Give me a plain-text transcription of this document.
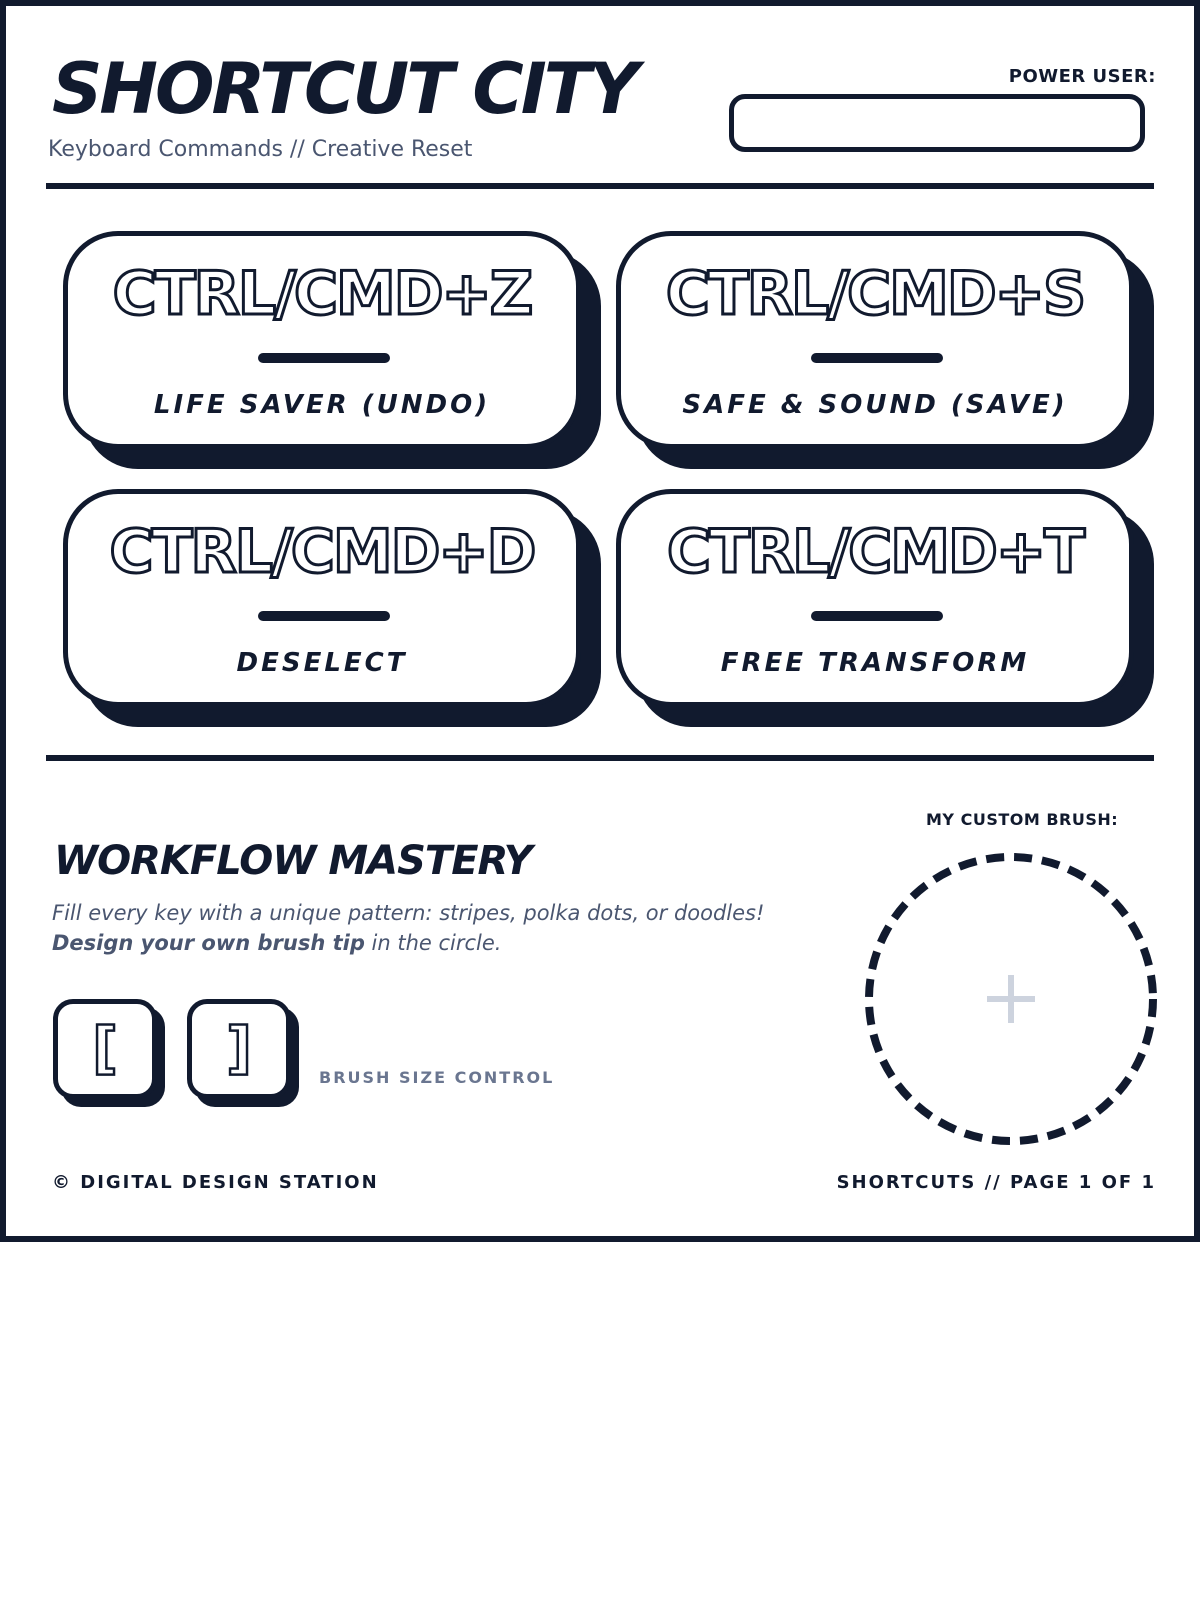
SHORTCUT CITY
Keyboard Commands // Creative Reset
POWER USER:
CTRL/CMD+Z
LIFE SAVER (UNDO)
CTRL/CMD+S
SAFE & SOUND (SAVE)
CTRL/CMD+D
DESELECT
CTRL/CMD+T
FREE TRANSFORM
WORKFLOW MASTERY
Fill every key with a unique pattern: stripes, polka dots, or doodles!
Design your own brush tip in the circle.
[	]	BRUSH SIZE CONTROL
MY CUSTOM BRUSH:
© DIGITAL DESIGN STATION	SHORTCUTS // PAGE 1 OF 1
